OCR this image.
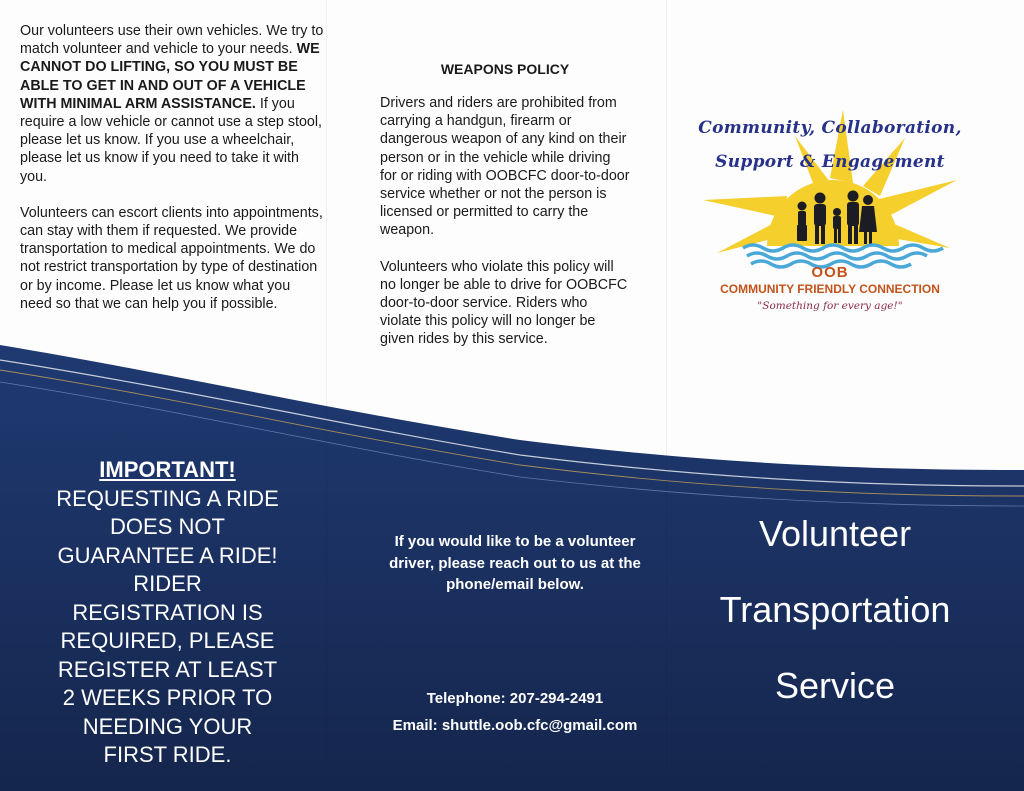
Our volunteers use their own vehicles. We try to match volunteer and vehicle to your needs. WE CANNOT DO LIFTING, SO YOU MUST BE ABLE TO GET IN AND OUT OF A VEHICLE WITH MINIMAL ARM ASSISTANCE. If you require a low vehicle or cannot use a step stool, please let us know. If you use a wheelchair, please let us know if you need to take it with you.

Volunteers can escort clients into appointments, can stay with them if requested. We provide transportation to medical appointments. We do not restrict transportation by type of destination or by income. Please let us know what you need so that we can help you if possible.

IMPORTANT!
REQUESTING A RIDE
DOES NOT
GUARANTEE A RIDE!
RIDER
REGISTRATION IS
REQUIRED, PLEASE
REGISTER AT LEAST
2 WEEKS PRIOR TO
NEEDING YOUR
FIRST RIDE.
WEAPONS POLICY

Drivers and riders are prohibited from carrying a handgun, firearm or dangerous weapon of any kind on their person or in the vehicle while driving for or riding with OOBCFC door-to-door service whether or not the person is licensed or permitted to carry the weapon.

Volunteers who violate this policy will no longer be able to drive for OOBCFC door-to-door service. Riders who violate this policy will no longer be given rides by this service.

If you would like to be a volunteer driver, please reach out to us at the phone/email below.
Telephone: 207-294-2491
Email: shuttle.oob.cfc@gmail.com
Community, Collaboration,
Support & Engagement
OOB
COMMUNITY FRIENDLY CONNECTION
"Something for every age!"
Volunteer
Transportation
Service
